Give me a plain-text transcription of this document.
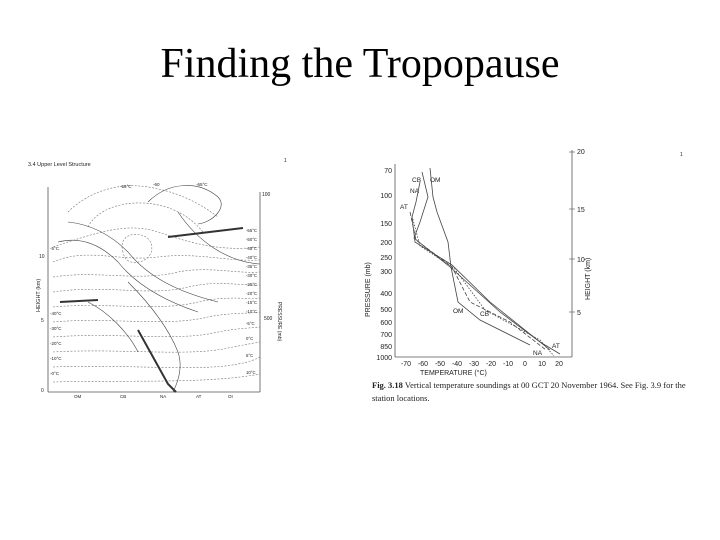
Finding the Tropopause
3.4 Upper Level Structure
1
HEIGHT (km)
PRESSURE (mb)
10
5
0
100
500
-55°C	-60	-65°C
-5°C
-40°C
-30°C
-20°C
-10°C
-0°C
-55°C
-50°C
-45°C
-40°C
-35°C
-30°C
-25°C
-20°C
-15°C
-10°C
-5°C
0°C
5°C
10°C
OM	CB	NA	AT	OI
1
70
100
150
200
250
300
400
500
600
700
850
1000
PRESSURE (mb)
20
15
10
5
HEIGHT (km)
-70 -60 -50 -40 -30 -20 -10 0 10 20
TEMPERATURE (°C)
CB OM
NA
AT
OM	CB
AT
NA
Fig. 3.18 Vertical temperature soundings at 00 GCT 20 November 1964. See Fig. 3.9 for the
station locations.
